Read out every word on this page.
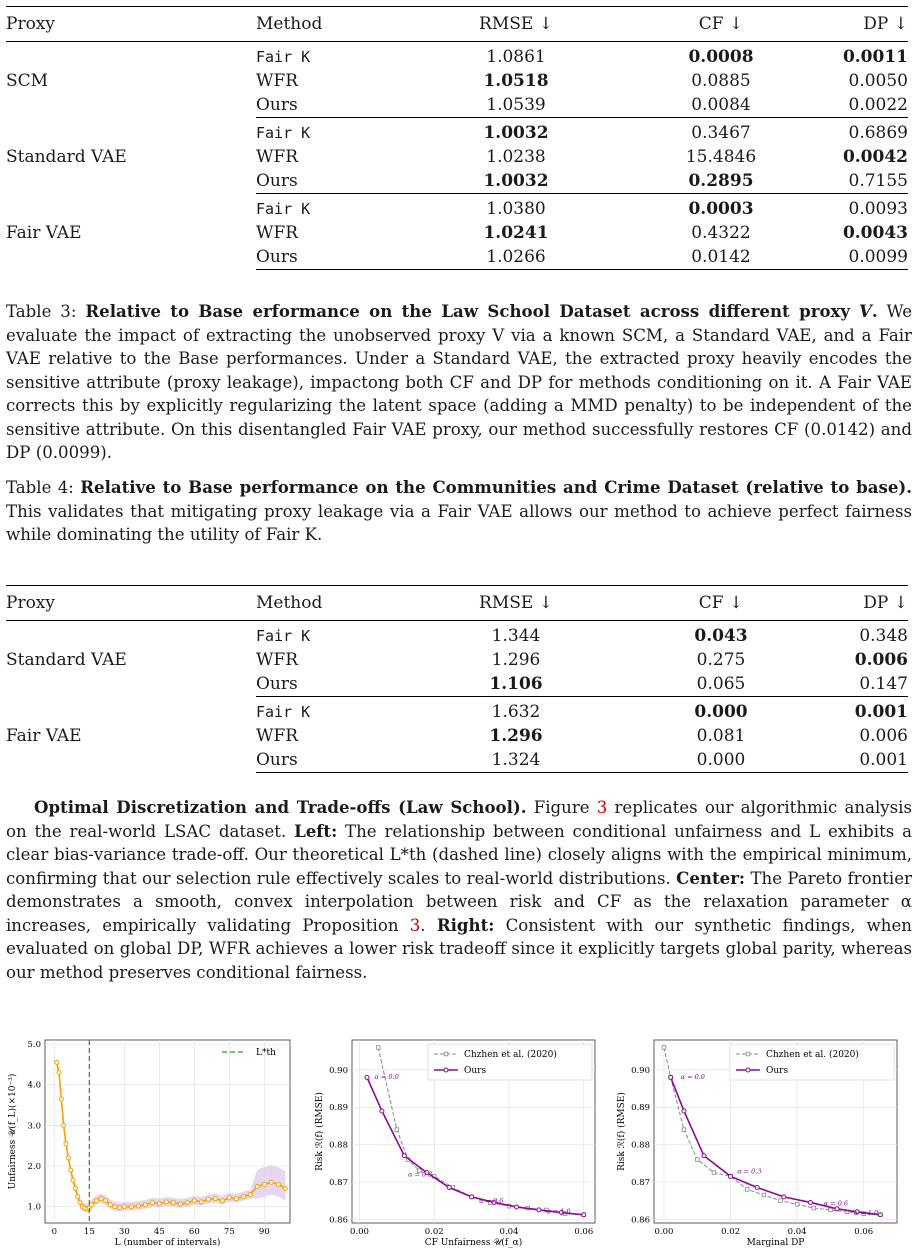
Proxy	Method	RMSE ↓	CF ↓	DP ↓
SCM	Fair K	1.0861	0.0008	0.0011
	WFR	1.0518	0.0885	0.0050
	Ours	1.0539	0.0084	0.0022
Standard VAE	Fair K	1.0032	0.3467	0.6869
	WFR	1.0238	15.4846	0.0042
	Ours	1.0032	0.2895	0.7155
Fair VAE	Fair K	1.0380	0.0003	0.0093
	WFR	1.0241	0.4322	0.0043
	Ours	1.0266	0.0142	0.0099

Table 3: Relative to Base erformance on the Law School Dataset across different proxy V. We evaluate the impact of extracting the unobserved proxy V via a known SCM, a Standard VAE, and a Fair VAE relative to the Base performances. Under a Standard VAE, the extracted proxy heavily encodes the sensitive attribute (proxy leakage), impactong both CF and DP for methods conditioning on it. A Fair VAE corrects this by explicitly regularizing the latent space (adding a MMD penalty) to be independent of the sensitive attribute. On this disentangled Fair VAE proxy, our method successfully restores CF (0.0142) and DP (0.0099).

Table 4: Relative to Base performance on the Communities and Crime Dataset (relative to base). This validates that mitigating proxy leakage via a Fair VAE allows our method to achieve perfect fairness while dominating the utility of Fair K.

Proxy	Method	RMSE ↓	CF ↓	DP ↓
Standard VAE	Fair K	1.344	0.043	0.348
	WFR	1.296	0.275	0.006
	Ours	1.106	0.065	0.147
Fair VAE	Fair K	1.632	0.000	0.001
	WFR	1.296	0.081	0.006
	Ours	1.324	0.000	0.001

Optimal Discretization and Trade-offs (Law School). Figure 3 replicates our algorithmic analysis on the real-world LSAC dataset. Left: The relationship between conditional unfairness and L exhibits a clear bias-variance trade-off. Our theoretical L*th (dashed line) closely aligns with the empirical minimum, confirming that our selection rule effectively scales to real-world distributions. Center: The Pareto frontier demonstrates a smooth, convex interpolation between risk and CF as the relaxation parameter α increases, empirically validating Proposition 3. Right: Consistent with our synthetic findings, when evaluated on global DP, WFR achieves a lower risk tradeoff since it explicitly targets global parity, whereas our method preserves conditional fairness.

0	15	30	45	60	75	90
1.0
2.0
3.0
4.0
5.0
L (number of intervals)
Unfairness 𝒰(f_L)(×10⁻³)
L*th
0.00	0.02	0.04	0.06
0.86
0.87
0.88
0.89
0.90
CF Unfairness 𝒰(f_α)
Risk ℛ(f) (RMSE)
α = 0.0
α = 0.3
α = 0.6
α = 1.0
Chzhen et al. (2020)
Ours
0.00	0.02	0.04	0.06
0.86
0.87
0.88
0.89
0.90
Marginal DP
Risk ℛ(f) (RMSE)
α = 0.0
α = 0.3
α = 0.6
α = 1.0
Chzhen et al. (2020)
Ours
